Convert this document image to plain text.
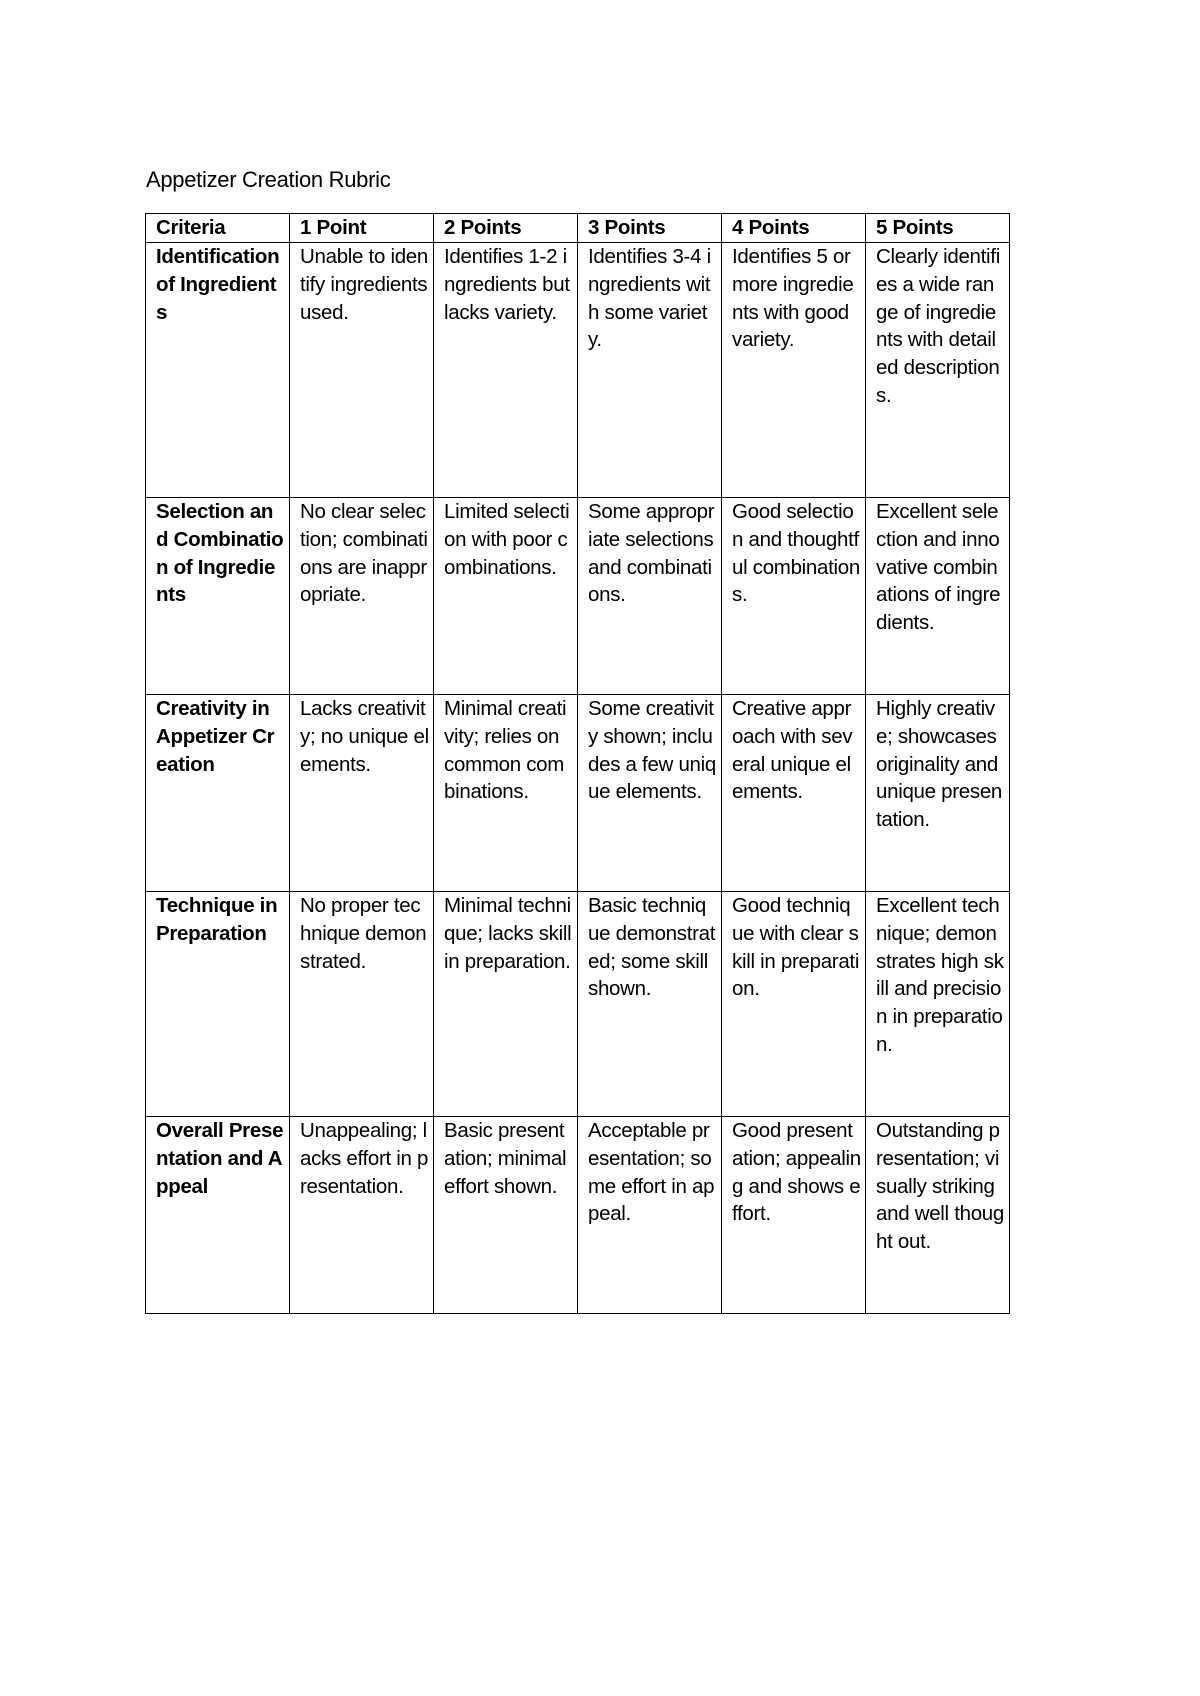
Appetizer Creation Rubric
Criteria	1 Point	2 Points	3 Points	4 Points	5 Points
Identification of Ingredients	Unable to identify ingredients used.	Identifies 1-2 ingredients but lacks variety.	Identifies 3-4 ingredients with some variety.	Identifies 5 or more ingredients with good variety.	Clearly identifies a wide range of ingredients with detailed descriptions.
Selection and Combination of Ingredients	No clear selection; combinations are inappropriate.	Limited selection with poor combinations.	Some appropriate selections and combinations.	Good selection and thoughtful combinations.	Excellent selection and innovative combinations of ingredients.
Creativity in Appetizer Creation	Lacks creativity; no unique elements.	Minimal creativity; relies on common combinations.	Some creativity shown; includes a few unique elements.	Creative approach with several unique elements.	Highly creative; showcases originality and unique presentation.
Technique in Preparation	No proper technique demonstrated.	Minimal technique; lacks skill in preparation.	Basic technique demonstrated; some skill shown.	Good technique with clear skill in preparation.	Excellent technique; demonstrates high skill and precision in preparation.
Overall Presentation and Appeal	Unappealing; lacks effort in presentation.	Basic presentation; minimal effort shown.	Acceptable presentation; some effort in appeal.	Good presentation; appealing and shows effort.	Outstanding presentation; visually striking and well thought out.
